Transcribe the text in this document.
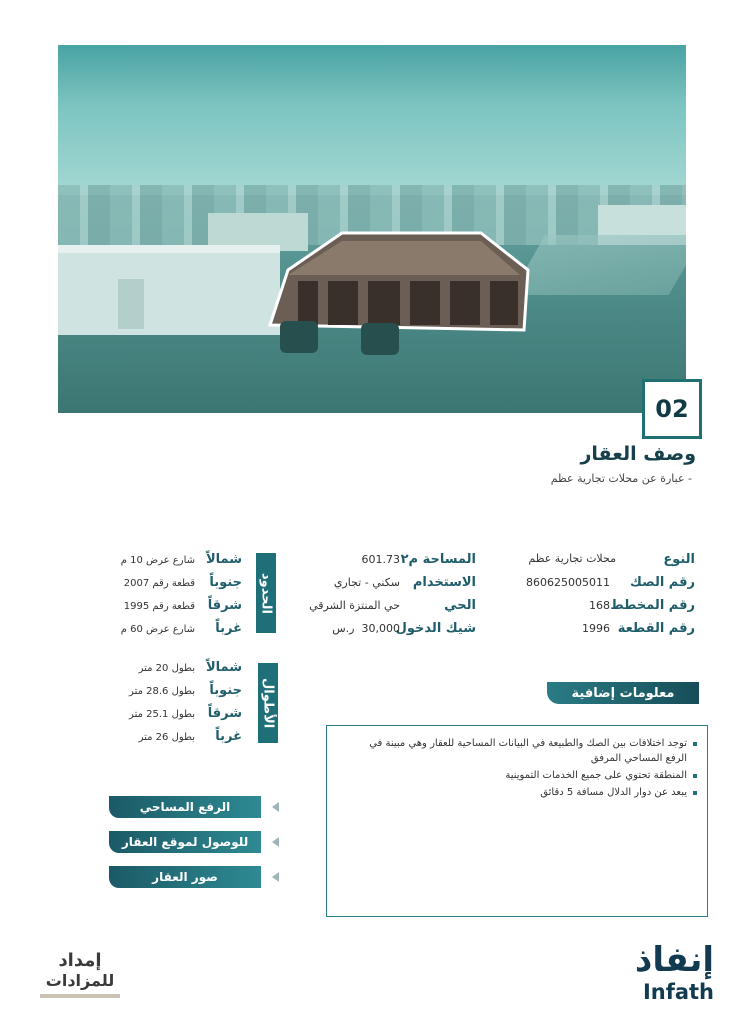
02
وصف العقار
- عبارة عن محلات تجارية عظم
النوع
محلات تجارية عظم
رقم الصك
860625005011
رقم المخطط
168
رقم القطعة
1996
المساحة م٢
601.73
الاستخدام
سكني - تجاري
الحي
حي المنتزة الشرقي
شيك الدخول
30,000  ر.س
الحدود
شمالاً
شارع عرض 10 م
جنوباً
قطعة رقم 2007
شرقاً
قطعة رقم 1995
غرباً
شارع عرض 60 م
الأطوال
شمالاً
بطول 20 متر
جنوباً
بطول 28.6 متر
شرقاً
بطول 25.1 متر
غرباً
بطول 26 متر
معلومات إضافية
توجد اختلافات بين الصك والطبيعة في البيانات المساحية للعقار وهي مبينة في الرفع المساحي المرفق
المنطقة تحتوي على جميع الخدمات التموينية
يبعد عن دوار الدلال مسافة 5 دقائق
الرفع المساحي
للوصول لموقع العقار
صور العقار
إنفاذ
Infath
إمداد
للمزادات
